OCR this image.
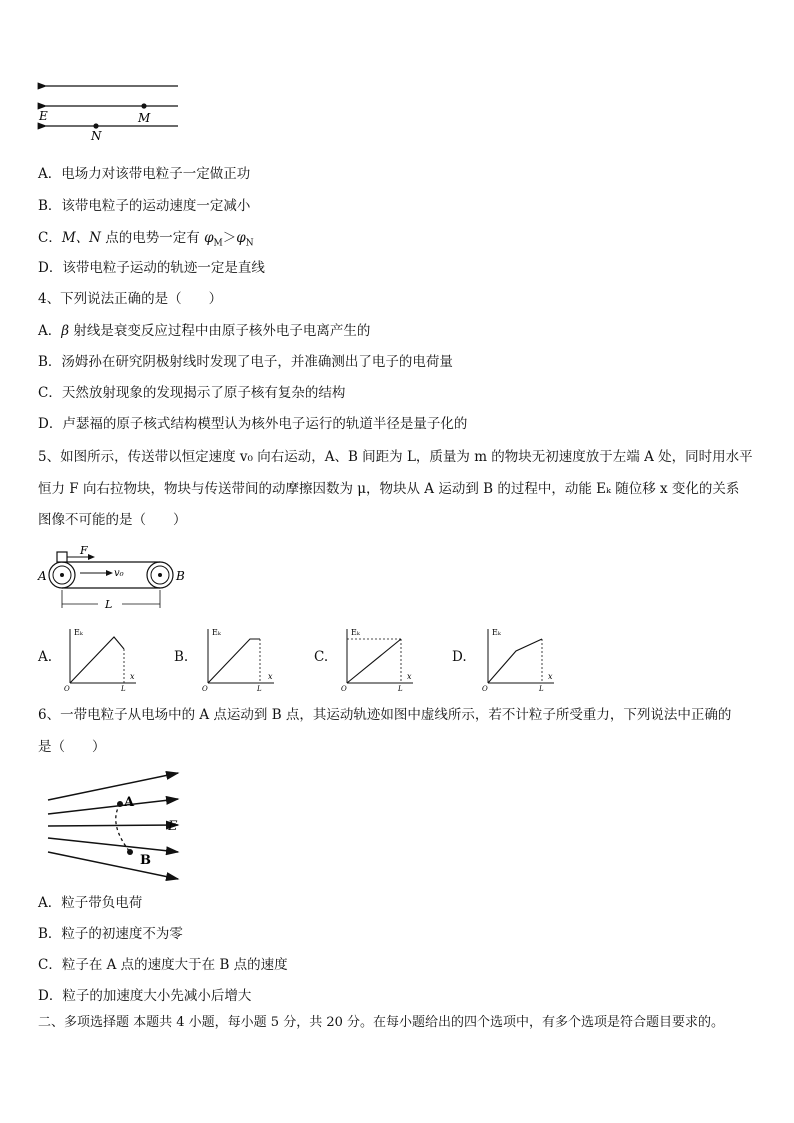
E	M
N
A．电场力对该带电粒子一定做正功
B．该带电粒子的运动速度一定减小
C．M、N 点的电势一定有 $\varphi_M>\varphi_N$
D．该带电粒子运动的轨迹一定是直线
4、下列说法正确的是（　　）
A．β 射线是衰变反应过程中由原子核外电子电离产生的
B．汤姆孙在研究阴极射线时发现了电子，并准确测出了电子的电荷量
C．天然放射现象的发现揭示了原子核有复杂的结构
D．卢瑟福的原子核式结构模型认为核外电子运行的轨道半径是量子化的
5、如图所示，传送带以恒定速度 v₀ 向右运动，A、B 间距为 L，质量为 m 的物块无初速度放于左端 A 处，同时用水平
恒力 F 向右拉物块，物块与传送带间的动摩擦因数为 μ，物块从 A 运动到 B 的过程中，动能 Eₖ 随位移 x 变化的关系
图像不可能的是（　　）
F
v₀
A	B
L
A.
Eₖ
x
O	L
B.
Eₖ
x
O	L
C.
Eₖ
x
O	L
D.
Eₖ
x
O	L
6、一带电粒子从电场中的 A 点运动到 B 点，其运动轨迹如图中虚线所示，若不计粒子所受重力，下列说法中正确的
是（　　）
A
B
E
A．粒子带负电荷
B．粒子的初速度不为零
C．粒子在 A 点的速度大于在 B 点的速度
D．粒子的加速度大小先减小后增大
二、多项选择题 本题共 4 小题，每小题 5 分，共 20 分。在每小题给出的四个选项中，有多个选项是符合题目要求的。
